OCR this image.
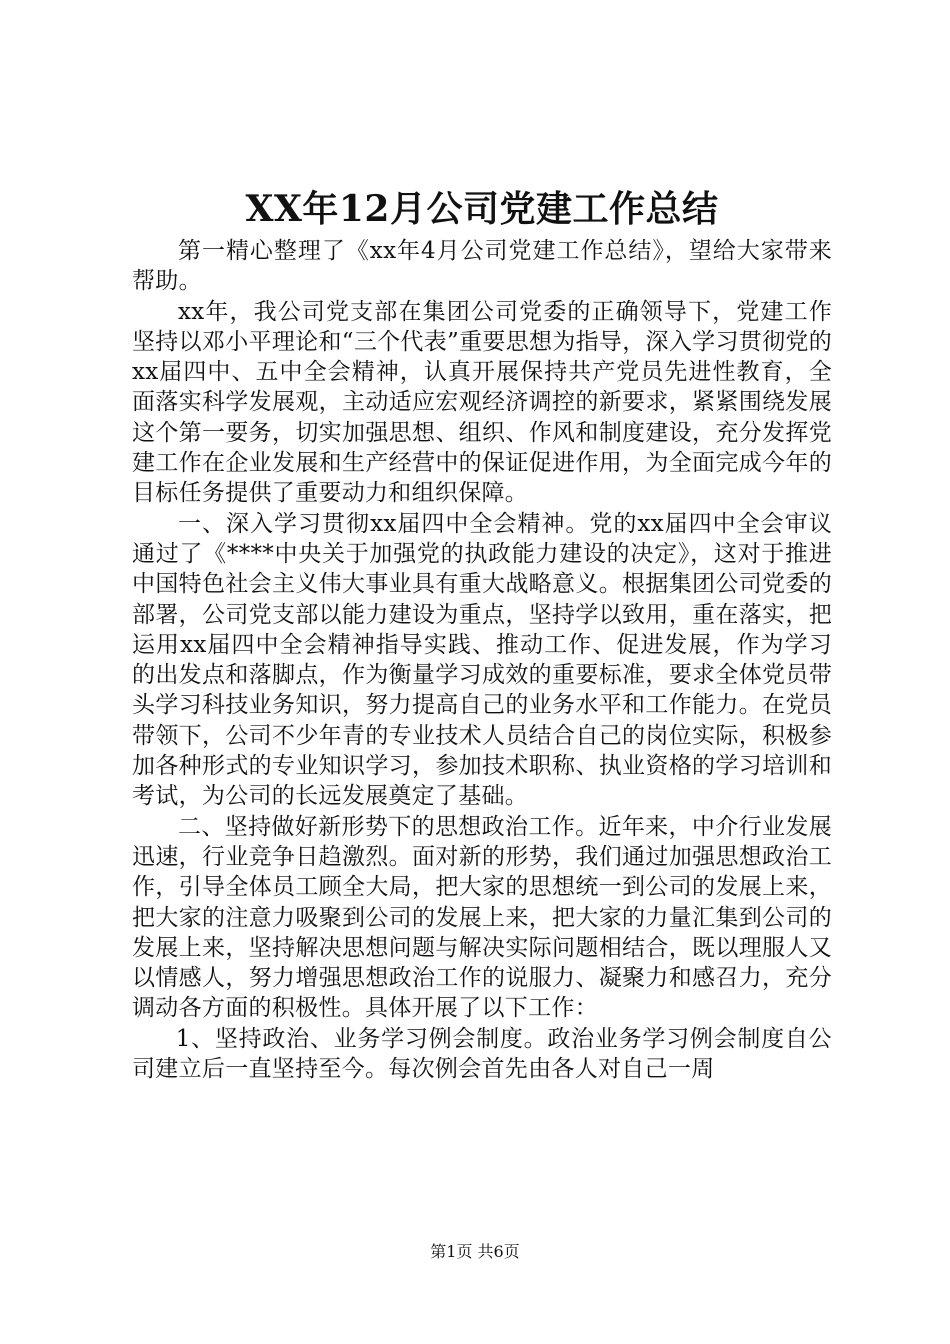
XX年12月公司党建工作总结

第一精心整理了《xx年4月公司党建工作总结》，望给大家带来帮助。

xx年，我公司党支部在集团公司党委的正确领导下，党建工作坚持以邓小平理论和“三个代表”重要思想为指导，深入学习贯彻党的xx届四中、五中全会精神，认真开展保持共产党员先进性教育，全面落实科学发展观，主动适应宏观经济调控的新要求，紧紧围绕发展这个第一要务，切实加强思想、组织、作风和制度建设，充分发挥党建工作在企业发展和生产经营中的保证促进作用，为全面完成今年的目标任务提供了重要动力和组织保障。

一、深入学习贯彻xx届四中全会精神。党的xx届四中全会审议通过了《****中央关于加强党的执政能力建设的决定》，这对于推进中国特色社会主义伟大事业具有重大战略意义。根据集团公司党委的部署，公司党支部以能力建设为重点，坚持学以致用，重在落实，把运用xx届四中全会精神指导实践、推动工作、促进发展，作为学习的出发点和落脚点，作为衡量学习成效的重要标准，要求全体党员带头学习科技业务知识，努力提高自己的业务水平和工作能力。在党员带领下，公司不少年青的专业技术人员结合自己的岗位实际，积极参加各种形式的专业知识学习，参加技术职称、执业资格的学习培训和考试，为公司的长远发展奠定了基础。

二、坚持做好新形势下的思想政治工作。近年来，中介行业发展迅速，行业竞争日趋激烈。面对新的形势，我们通过加强思想政治工作，引导全体员工顾全大局，把大家的思想统一到公司的发展上来，把大家的注意力吸聚到公司的发展上来，把大家的力量汇集到公司的发展上来，坚持解决思想问题与解决实际问题相结合，既以理服人又以情感人，努力增强思想政治工作的说服力、凝聚力和感召力，充分调动各方面的积极性。具体开展了以下工作：

1、坚持政治、业务学习例会制度。政治业务学习例会制度自公司建立后一直坚持至今。每次例会首先由各人对自己一周

第1页 共6页
